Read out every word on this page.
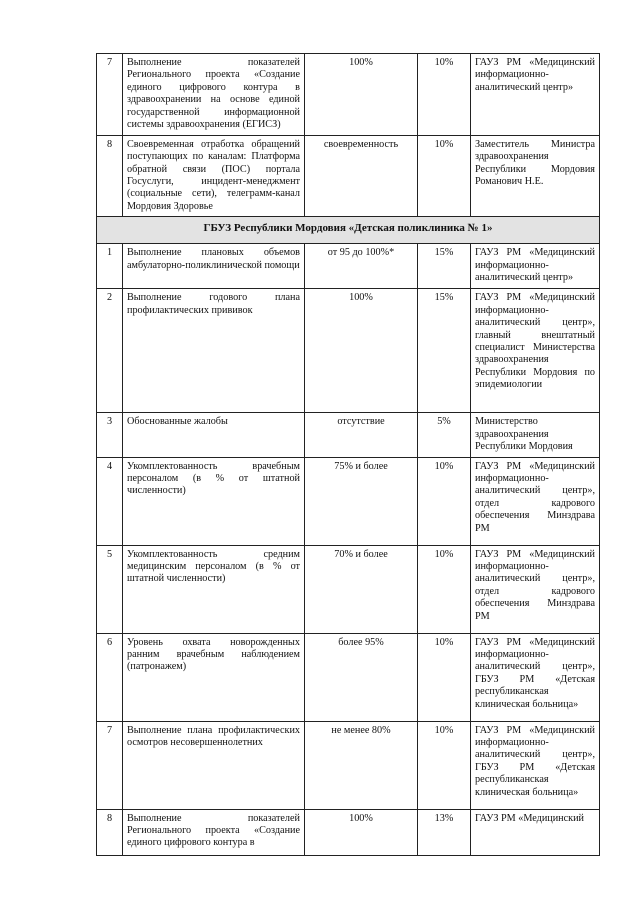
7	Выполнение показателей Регионального проекта «Создание единого цифрового контура в здравоохранении на основе единой государственной информационной системы здравоохранения (ЕГИСЗ)	100%	10%	ГАУЗ РМ «Медицинский информационно-аналитический центр»
8	Своевременная отработка обращений поступающих по каналам: Платформа обратной связи (ПОС) портала Госуслуги, инцидент-менеджмент (социальные сети), телеграмм-канал Мордовия Здоровье	своевременность	10%	Заместитель Министра здравоохранения Республики Мордовия Романович Н.Е.
ГБУЗ Республики Мордовия «Детская поликлиника № 1»				
1	Выполнение плановых объемов амбулаторно-поликлинической помощи	от 95 до 100%*	15%	ГАУЗ РМ «Медицинский информационно-аналитический центр»
2	Выполнение годового плана профилактических прививок	100%	15%	ГАУЗ РМ «Медицинский информационно-аналитический центр», главный внештатный специалист Министерства здравоохранения Республики Мордовия по эпидемиологии
3	Обоснованные жалобы	отсутствие	5%	Министерство здравоохранения Республики Мордовия
4	Укомплектованность врачебным персоналом (в % от штатной численности)	75% и более	10%	ГАУЗ РМ «Медицинский информационно-аналитический центр», отдел кадрового обеспечения Минздрава РМ
5	Укомплектованность средним медицинским персоналом (в % от штатной численности)	70% и более	10%	ГАУЗ РМ «Медицинский информационно-аналитический центр», отдел кадрового обеспечения Минздрава РМ
6	Уровень охвата новорожденных ранним врачебным наблюдением (патронажем)	более 95%	10%	ГАУЗ РМ «Медицинский информационно-аналитический центр», ГБУЗ РМ «Детская республиканская клиническая больница»
7	Выполнение плана профилактических осмотров несовершеннолетних	не менее 80%	10%	ГАУЗ РМ «Медицинский информационно-аналитический центр», ГБУЗ РМ «Детская республиканская клиническая больница»
8	Выполнение показателей Регионального проекта «Создание единого цифрового контура в	100%	13%	ГАУЗ РМ «Медицинский
